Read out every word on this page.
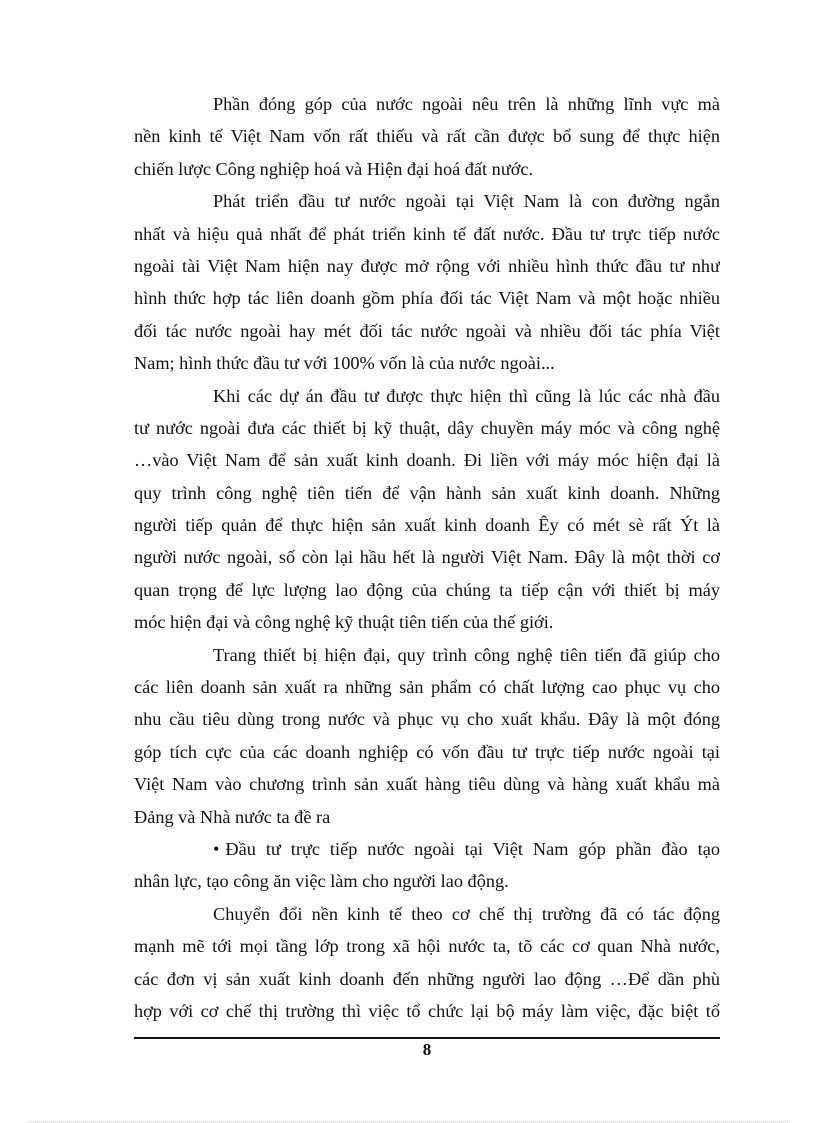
Phần đóng góp của nước ngoài nêu trên là những lĩnh vực mà
nền kinh tế Việt Nam vốn rất thiếu và rất cần được bổ sung để thực hiện
chiến lược Công nghiệp hoá và Hiện đại hoá đất nước.
Phát triển đầu tư nước ngoài tại Việt Nam là con đường ngắn
nhất và hiệu quả nhất để phát triển kinh tế đất nước. Đầu tư trực tiếp nước
ngoài tài Việt Nam hiện nay được mở rộng với nhiều hình thức đầu tư như
hình thức hợp tác liên doanh gồm phía đối tác Việt Nam và một hoặc nhiều
đối tác nước ngoài hay mét đối tác nước ngoài và nhiều đối tác phía Việt
Nam; hình thức đầu tư với 100% vốn là của nước ngoài...
Khi các dự án đầu tư được thực hiện thì cũng là lúc các nhà đầu
tư nước ngoài đưa các thiết bị kỹ thuật, dây chuyền máy móc và công nghệ
…vào Việt Nam để sản xuất kinh doanh. Đi liền với máy móc hiện đại là
quy trình công nghệ tiên tiến để vận hành sản xuất kinh doanh. Những
người tiếp quản để thực hiện sản xuất kinh doanh Êy có mét sè rất Ýt là
người nước ngoài, số còn lại hầu hết là người Việt Nam. Đây là một thời cơ
quan trọng để lực lượng lao động của chúng ta tiếp cận với thiết bị máy
móc hiện đại và công nghệ kỹ thuật tiên tiến của thế giới.
Trang thiết bị hiện đại, quy trình công nghệ tiên tiến đã giúp cho
các liên doanh sản xuất ra những sản phẩm có chất lượng cao phục vụ cho
nhu cầu tiêu dùng trong nước và phục vụ cho xuất khẩu. Đây là một đóng
góp tích cực của các doanh nghiệp có vốn đầu tư trực tiếp nước ngoài tại
Việt Nam vào chương trình sản xuất hàng tiêu dùng và hàng xuất khẩu mà
Đảng và Nhà nước ta đề ra
• Đầu tư trực tiếp nước ngoài tại Việt Nam góp phần đào tạo
nhân lực, tạo công ăn việc làm cho người lao động.
Chuyển đổi nền kinh tế theo cơ chế thị trường đã có tác động
mạnh mẽ tới mọi tầng lớp trong xã hội nước ta, tõ các cơ quan Nhà nước,
các đơn vị sản xuất kinh doanh đến những người lao động …Để dần phù
hợp với cơ chế thị trường thì việc tổ chức lại bộ máy làm việc, đặc biệt tổ
8
